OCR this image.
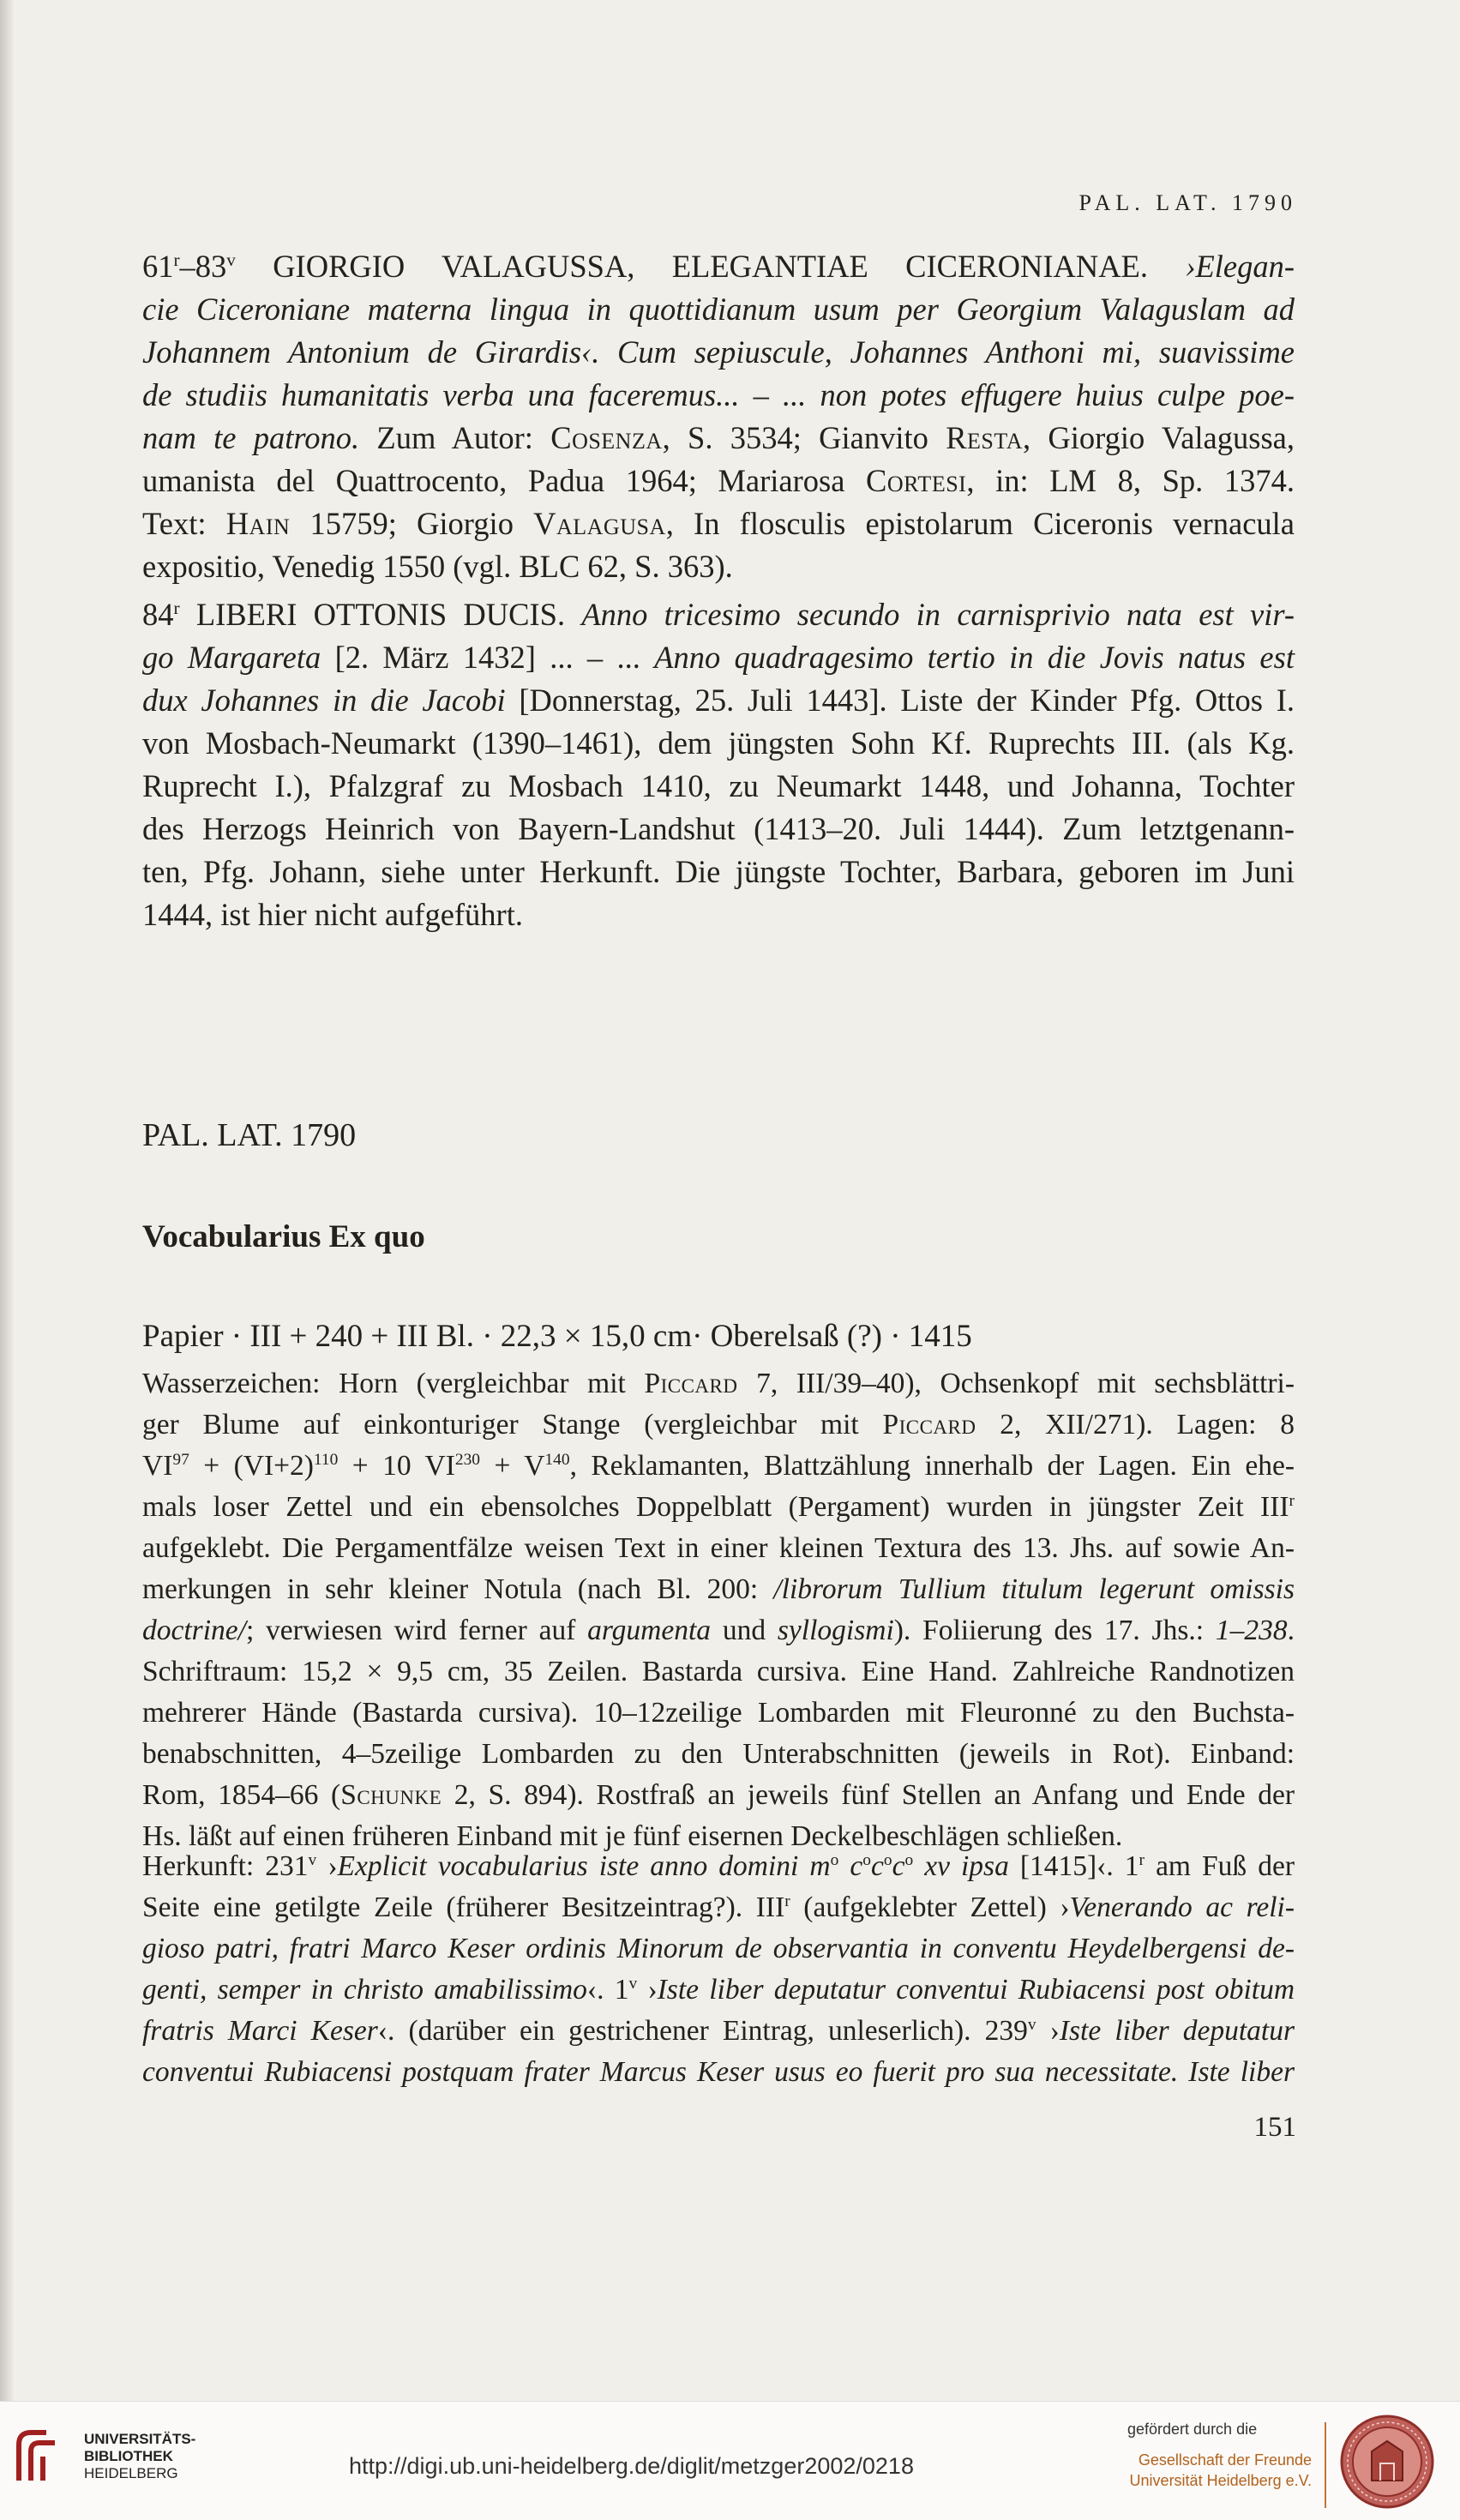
PAL. LAT. 1790
61$^r$–83$^v$ GIORGIO VALAGUSSA, ELEGANTIAE CICERONIANAE. ›Elegan-
cie Ciceroniane materna lingua in quottidianum usum per Georgium Valaguslam ad
Johannem Antonium de Girardis‹. Cum sepiuscule, Johannes Anthoni mi, suavissime
de studiis humanitatis verba una faceremus... – ... non potes effugere huius culpe poe-
nam te patrono. Zum Autor: Cosenza, S. 3534; Gianvito Resta, Giorgio Valagussa,
umanista del Quattrocento, Padua 1964; Mariarosa Cortesi, in: LM 8, Sp. 1374.
Text: Hain 15759; Giorgio Valagusa, In flosculis epistolarum Ciceronis vernacula
expositio, Venedig 1550 (vgl. BLC 62, S. 363).
84$^r$ LIBERI OTTONIS DUCIS. Anno tricesimo secundo in carnisprivio nata est vir-
go Margareta [2. März 1432] ... – ... Anno quadragesimo tertio in die Jovis natus est
dux Johannes in die Jacobi [Donnerstag, 25. Juli 1443]. Liste der Kinder Pfg. Ottos I.
von Mosbach-Neumarkt (1390–1461), dem jüngsten Sohn Kf. Ruprechts III. (als Kg.
Ruprecht I.), Pfalzgraf zu Mosbach 1410, zu Neumarkt 1448, und Johanna, Tochter
des Herzogs Heinrich von Bayern-Landshut (1413–20. Juli 1444). Zum letztgenann-
ten, Pfg. Johann, siehe unter Herkunft. Die jüngste Tochter, Barbara, geboren im Juni
1444, ist hier nicht aufgeführt.
PAL. LAT. 1790
Vocabularius Ex quo
Papier · III + 240 + III Bl. · 22,3 × 15,0 cm· Oberelsaß (?) · 1415
Wasserzeichen: Horn (vergleichbar mit Piccard 7, III/39–40), Ochsenkopf mit sechsblättri-
ger Blume auf einkonturiger Stange (vergleichbar mit Piccard 2, XII/271). Lagen: 8
$VI^{97} + (VI+2)^{110} + 10$ $VI^{230} + V^{140}$, Reklamanten, Blattzählung innerhalb der Lagen. Ein ehe-
mals loser Zettel und ein ebensolches Doppelblatt (Pergament) wurden in jüngster Zeit III$^r$
aufgeklebt. Die Pergamentfälze weisen Text in einer kleinen Textura des 13. Jhs. auf sowie An-
merkungen in sehr kleiner Notula (nach Bl. 200: /librorum Tullium titulum legerunt omissis
doctrine/; verwiesen wird ferner auf argumenta und syllogismi). Foliierung des 17. Jhs.: 1–238.
Schriftraum: 15,2 × 9,5 cm, 35 Zeilen. Bastarda cursiva. Eine Hand. Zahlreiche Randnotizen
mehrerer Hände (Bastarda cursiva). 10–12zeilige Lombarden mit Fleuronné zu den Buchsta-
benabschnitten, 4–5zeilige Lombarden zu den Unterabschnitten (jeweils in Rot). Einband:
Rom, 1854–66 (Schunke 2, S. 894). Rostfraß an jeweils fünf Stellen an Anfang und Ende der
Hs. läßt auf einen früheren Einband mit je fünf eisernen Deckelbeschlägen schließen.
Herkunft: 231$^v$ ›Explicit vocabularius iste anno domini $m^o$ $c^oc^oc^o$ xv ipsa [1415]‹. 1$^r$ am Fuß der
Seite eine getilgte Zeile (früherer Besitzeintrag?). III$^r$ (aufgeklebter Zettel) ›Venerando ac reli-
gioso patri, fratri Marco Keser ordinis Minorum de observantia in conventu Heydelbergensi de-
genti, semper in christo amabilissimo‹. 1$^v$ ›Iste liber deputatur conventui Rubiacensi post obitum
fratris Marci Keser‹. (darüber ein gestrichener Eintrag, unleserlich). 239$^v$ ›Iste liber deputatur
conventui Rubiacensi postquam frater Marcus Keser usus eo fuerit pro sua necessitate. Iste liber
151
UNIVERSITÄTS-
BIBLIOTHEK
HEIDELBERG	http://digi.ub.uni-heidelberg.de/diglit/metzger2002/0218
gefördert durch die
Gesellschaft der Freunde
Universität Heidelberg e.V.
